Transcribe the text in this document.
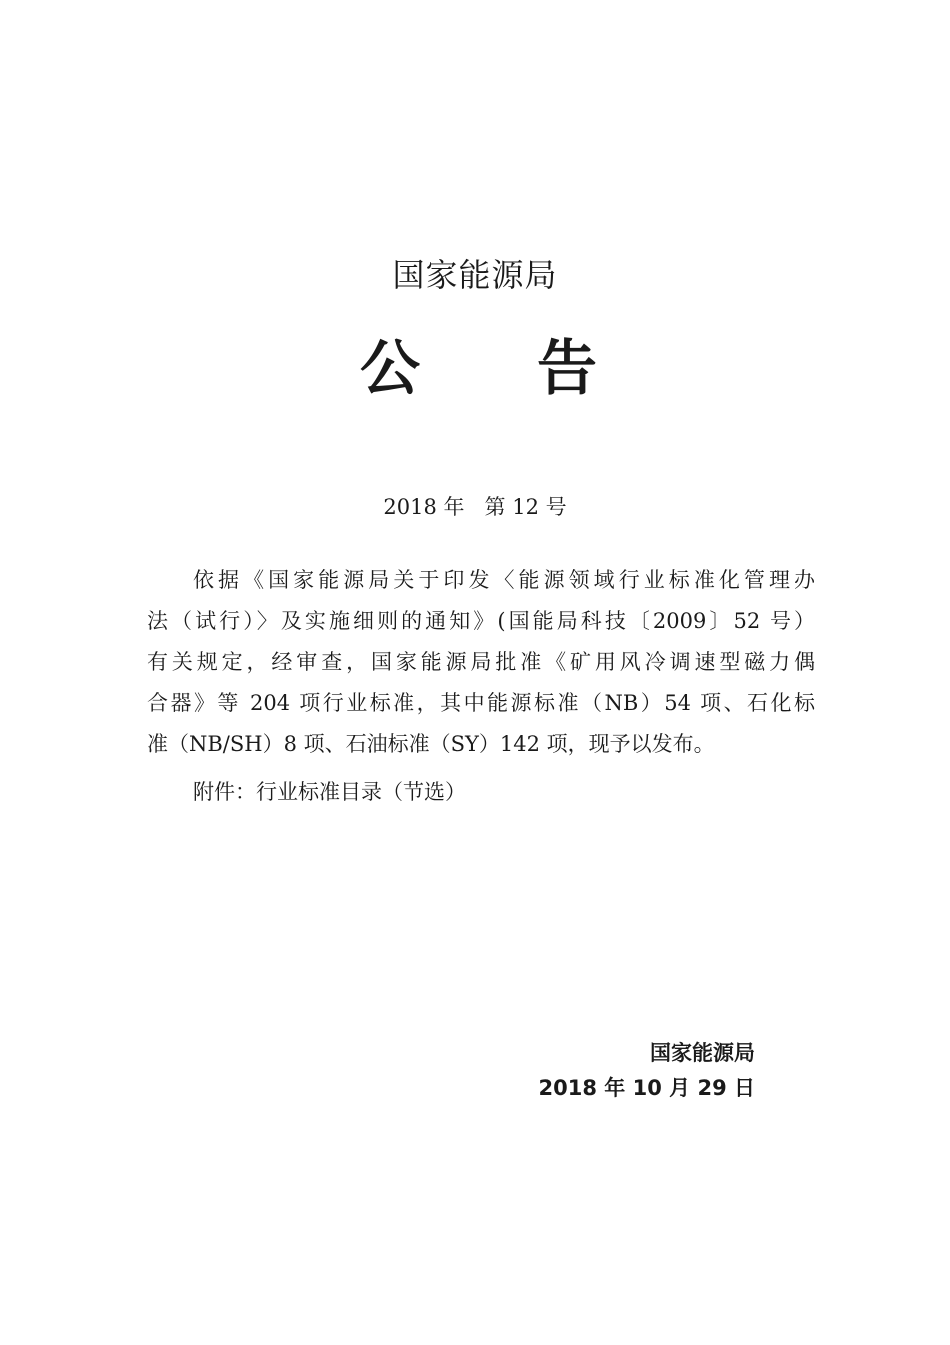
国家能源局
公 告
2018 年   第 12 号
依据《国家能源局关于印发〈能源领域行业标准化管理办
法（试行）〉及实施细则的通知》(国能局科技〔2009〕52 号）
有关规定，经审查，国家能源局批准《矿用风冷调速型磁力偶
合器》等 204 项行业标准，其中能源标准（NB）54 项、石化标
准（NB/SH）8 项、石油标准（SY）142 项，现予以发布。
附件：行业标准目录（节选）
国家能源局
2018 年 10 月 29 日
